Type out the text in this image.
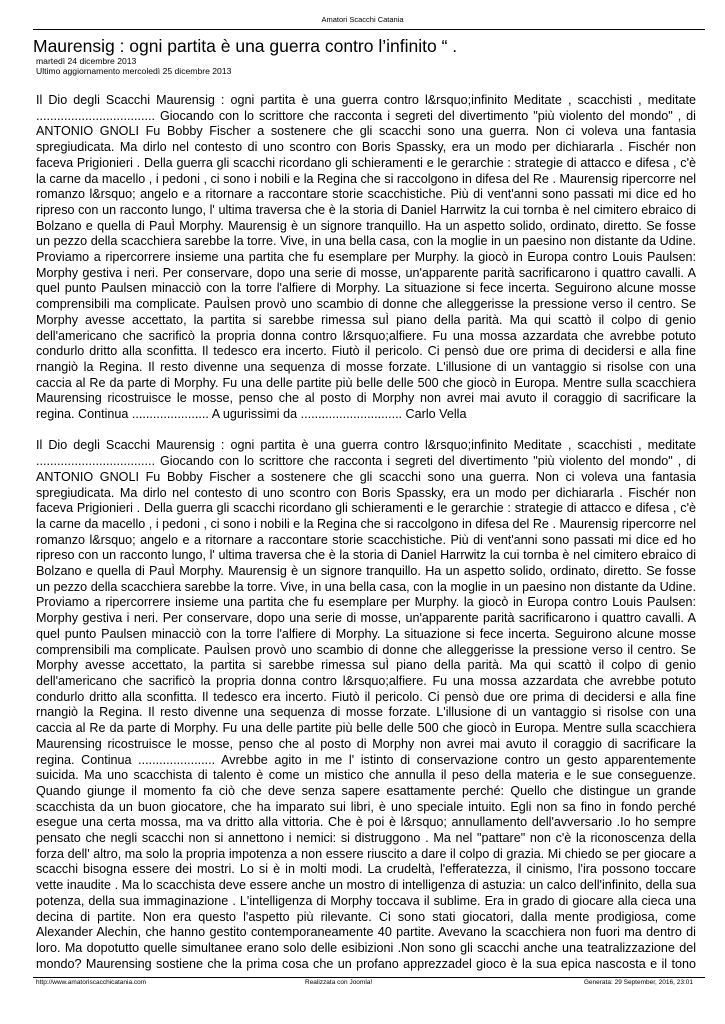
Amatori Scacchi Catania
Maurensig : ogni partita è una guerra contro l’infinito “ .
martedì 24 dicembre 2013
Ultimo aggiornamento mercoledì 25 dicembre 2013

Il Dio degli Scacchi Maurensig : ogni partita è una guerra contro l&rsquo;infinito Meditate , scacchisti , meditate .................................. Giocando con lo scrittore che racconta i segreti del divertimento "più violento del mondo" , di ANTONIO GNOLI Fu Bobby Fischer a sostenere che gli scacchi sono una guerra. Non ci voleva una fantasia spregiudicata. Ma dirlo nel contesto di uno scontro con Boris Spassky, era un modo per dichiararla . Fischér non faceva Prigionieri . Della guerra gli scacchi ricordano gli schieramenti e le gerarchie : strategie di attacco e difesa , c'è la carne da macello , i pedoni , ci sono i nobili e la Regina che si raccolgono in difesa del Re . Maurensig ripercorre nel romanzo l&rsquo; angelo e a ritornare a raccontare storie scacchistiche. Più di vent'anni sono passati mi dice ed ho ripreso con un racconto lungo, l' ultima traversa che è la storia di Daniel Harrwitz la cui tornba è nel cimitero ebraico di Bolzano e quella di PauÌ Morphy. Maurensig è un signore tranquillo. Ha un aspetto solido, ordinato, diretto. Se fosse un pezzo della scacchiera sarebbe la torre. Vive, in una bella casa, con la moglie in un paesino non distante da Udine. Proviamo a ripercorrere insieme una partita che fu esemplare per Murphy. la giocò in Europa contro Louis Paulsen: Morphy gestiva i neri. Per conservare, dopo una serie di mosse, un'apparente parità sacrificarono i quattro cavalli. A quel punto Paulsen minacciò con la torre l'alfiere di Morphy. La situazione si fece incerta. Seguirono alcune mosse comprensibili ma complicate. PauÌsen provò uno scambio di donne che alleggerisse la pressione verso il centro. Se Morphy avesse accettato, la partita si sarebbe rimessa suÌ piano della parità. Ma qui scattò il colpo di genio dell'americano che sacrificò la propria donna contro l&rsquo;alfiere. Fu una mossa azzardata che avrebbe potuto condurlo dritto alla sconfitta. Il tedesco era incerto. Fiutò il pericolo. Ci pensò due ore prima di decidersi e alla fine rnangiò la Regina. Il resto divenne una sequenza di mosse forzate. L'illusione di un vantaggio si risolse con una caccia al Re da parte di Morphy. Fu una delle partite più belle delle 500 che giocò in Europa. Mentre sulla scacchiera Maurensing ricostruisce le mosse, penso che al posto di Morphy non avrei mai avuto il coraggio di sacrificare la regina. Continua ...................... A ugurissimi da ............................. Carlo Vella

Il Dio degli Scacchi Maurensig : ogni partita è una guerra contro l&rsquo;infinito Meditate , scacchisti , meditate .................................. Giocando con lo scrittore che racconta i segreti del divertimento "più violento del mondo" , di ANTONIO GNOLI Fu Bobby Fischer a sostenere che gli scacchi sono una guerra. Non ci voleva una fantasia spregiudicata. Ma dirlo nel contesto di uno scontro con Boris Spassky, era un modo per dichiararla . Fischér non faceva Prigionieri . Della guerra gli scacchi ricordano gli schieramenti e le gerarchie : strategie di attacco e difesa , c'è la carne da macello , i pedoni , ci sono i nobili e la Regina che si raccolgono in difesa del Re . Maurensig ripercorre nel romanzo l&rsquo; angelo e a ritornare a raccontare storie scacchistiche. Più di vent'anni sono passati mi dice ed ho ripreso con un racconto lungo, l' ultima traversa che è la storia di Daniel Harrwitz la cui tornba è nel cimitero ebraico di Bolzano e quella di PauÌ Morphy. Maurensig è un signore tranquillo. Ha un aspetto solido, ordinato, diretto. Se fosse un pezzo della scacchiera sarebbe la torre. Vive, in una bella casa, con la moglie in un paesino non distante da Udine. Proviamo a ripercorrere insieme una partita che fu esemplare per Murphy. la giocò in Europa contro Louis Paulsen: Morphy gestiva i neri. Per conservare, dopo una serie di mosse, un'apparente parità sacrificarono i quattro cavalli. A quel punto Paulsen minacciò con la torre l'alfiere di Morphy. La situazione si fece incerta. Seguirono alcune mosse comprensibili ma complicate. PauÌsen provò uno scambio di donne che alleggerisse la pressione verso il centro. Se Morphy avesse accettato, la partita si sarebbe rimessa suÌ piano della parità. Ma qui scattò il colpo di genio dell'americano che sacrificò la propria donna contro l&rsquo;alfiere. Fu una mossa azzardata che avrebbe potuto condurlo dritto alla sconfitta. Il tedesco era incerto. Fiutò il pericolo. Ci pensò due ore prima di decidersi e alla fine rnangiò la Regina. Il resto divenne una sequenza di mosse forzate. L'illusione di un vantaggio si risolse con una caccia al Re da parte di Morphy. Fu una delle partite più belle delle 500 che giocò in Europa. Mentre sulla scacchiera Maurensing ricostruisce le mosse, penso che al posto di Morphy non avrei mai avuto il coraggio di sacrificare la regina. Continua ...................... Avrebbe agito in me l' istinto di conservazione contro un gesto apparentemente suicida. Ma uno scacchista di talento è come un mistico che annulla il peso della materia e le sue conseguenze. Quando giunge il momento fa ciò che deve senza sapere esattamente perché: Quello che distingue un grande scacchista da un buon giocatore, che ha imparato sui libri, è uno speciale intuito. Egli non sa fino in fondo perché esegue una certa mossa, ma va dritto alla vittoria. Che è poi è l&rsquo; annullamento dell'avversario .Io ho sempre pensato che negli scacchi non si annettono i nemici: si distruggono . Ma nel "pattare" non c'è la riconoscenza della forza dell' altro, ma solo la propria impotenza a non essere riuscito a dare il colpo di grazia. Mi chiedo se per giocare a scacchi bisogna essere dei mostri. Lo si è in molti modi. La crudeltà, l'efferatezza, il cinismo, l'ira possono toccare vette inaudite . Ma lo scacchista deve essere anche un mostro di intelligenza di astuzia: un calco dell'infinito, della sua potenza, della sua immaginazione . L'intelligenza di Morphy toccava il sublime. Era in grado di giocare alla cieca una decina di partite. Non era questo l'aspetto più rilevante. Ci sono stati giocatori, dalla mente prodigiosa, come Alexander Alechin, che hanno gestito contemporaneamente 40 partite. Avevano la scacchiera non fuori ma dentro di loro. Ma dopotutto quelle simultanee erano solo delle esibizioni .Non sono gli scacchi anche una teatralizzazione del mondo? Maurensing sostiene che la prima cosa che un profano apprezzadel gioco è la sua epica nascosta e il tono

http://www.amatoriscacchicatania.com	Realizzata con Joomla!	Generata: 29 September, 2016, 23:01
